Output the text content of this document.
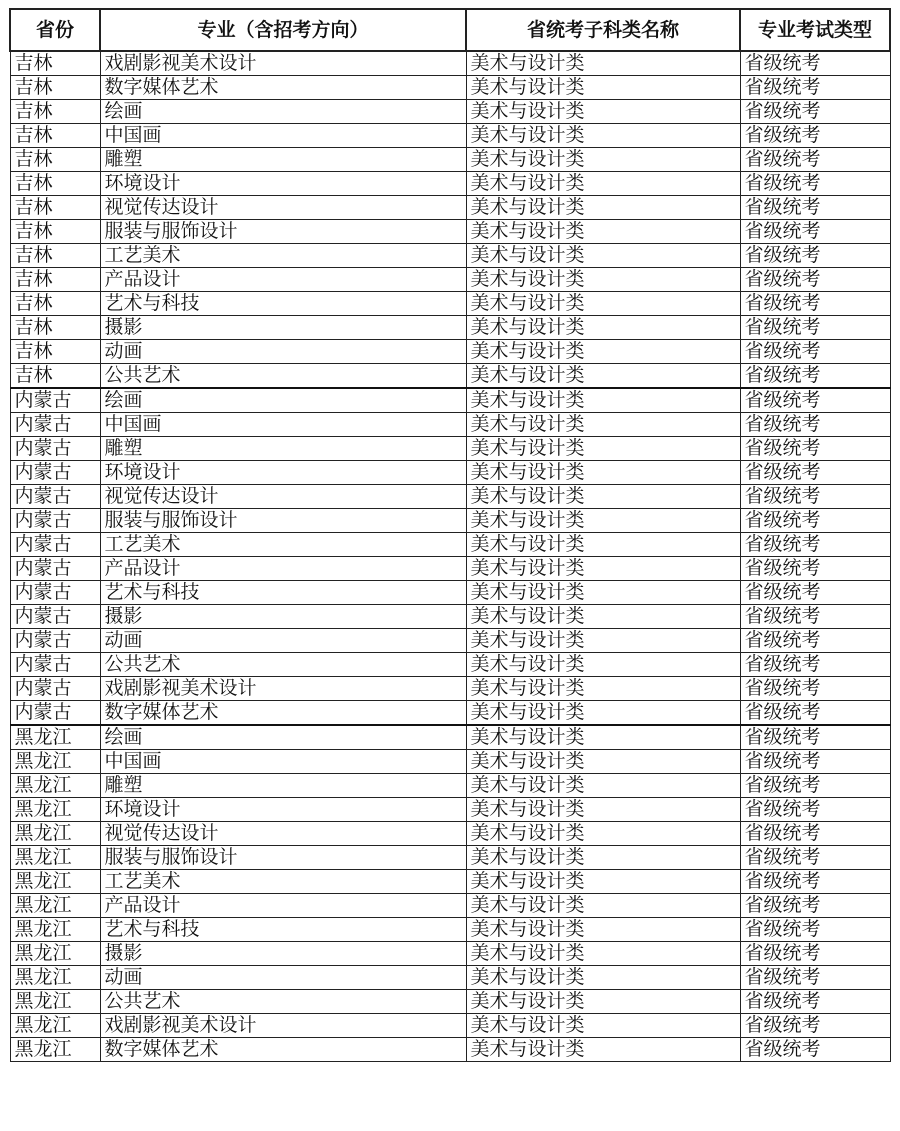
省份	专业（含招考方向）	省统考子科类名称	专业考试类型
吉林	戏剧影视美术设计	美术与设计类	省级统考
吉林	数字媒体艺术	美术与设计类	省级统考
吉林	绘画	美术与设计类	省级统考
吉林	中国画	美术与设计类	省级统考
吉林	雕塑	美术与设计类	省级统考
吉林	环境设计	美术与设计类	省级统考
吉林	视觉传达设计	美术与设计类	省级统考
吉林	服装与服饰设计	美术与设计类	省级统考
吉林	工艺美术	美术与设计类	省级统考
吉林	产品设计	美术与设计类	省级统考
吉林	艺术与科技	美术与设计类	省级统考
吉林	摄影	美术与设计类	省级统考
吉林	动画	美术与设计类	省级统考
吉林	公共艺术	美术与设计类	省级统考
内蒙古	绘画	美术与设计类	省级统考
内蒙古	中国画	美术与设计类	省级统考
内蒙古	雕塑	美术与设计类	省级统考
内蒙古	环境设计	美术与设计类	省级统考
内蒙古	视觉传达设计	美术与设计类	省级统考
内蒙古	服装与服饰设计	美术与设计类	省级统考
内蒙古	工艺美术	美术与设计类	省级统考
内蒙古	产品设计	美术与设计类	省级统考
内蒙古	艺术与科技	美术与设计类	省级统考
内蒙古	摄影	美术与设计类	省级统考
内蒙古	动画	美术与设计类	省级统考
内蒙古	公共艺术	美术与设计类	省级统考
内蒙古	戏剧影视美术设计	美术与设计类	省级统考
内蒙古	数字媒体艺术	美术与设计类	省级统考
黑龙江	绘画	美术与设计类	省级统考
黑龙江	中国画	美术与设计类	省级统考
黑龙江	雕塑	美术与设计类	省级统考
黑龙江	环境设计	美术与设计类	省级统考
黑龙江	视觉传达设计	美术与设计类	省级统考
黑龙江	服装与服饰设计	美术与设计类	省级统考
黑龙江	工艺美术	美术与设计类	省级统考
黑龙江	产品设计	美术与设计类	省级统考
黑龙江	艺术与科技	美术与设计类	省级统考
黑龙江	摄影	美术与设计类	省级统考
黑龙江	动画	美术与设计类	省级统考
黑龙江	公共艺术	美术与设计类	省级统考
黑龙江	戏剧影视美术设计	美术与设计类	省级统考
黑龙江	数字媒体艺术	美术与设计类	省级统考
